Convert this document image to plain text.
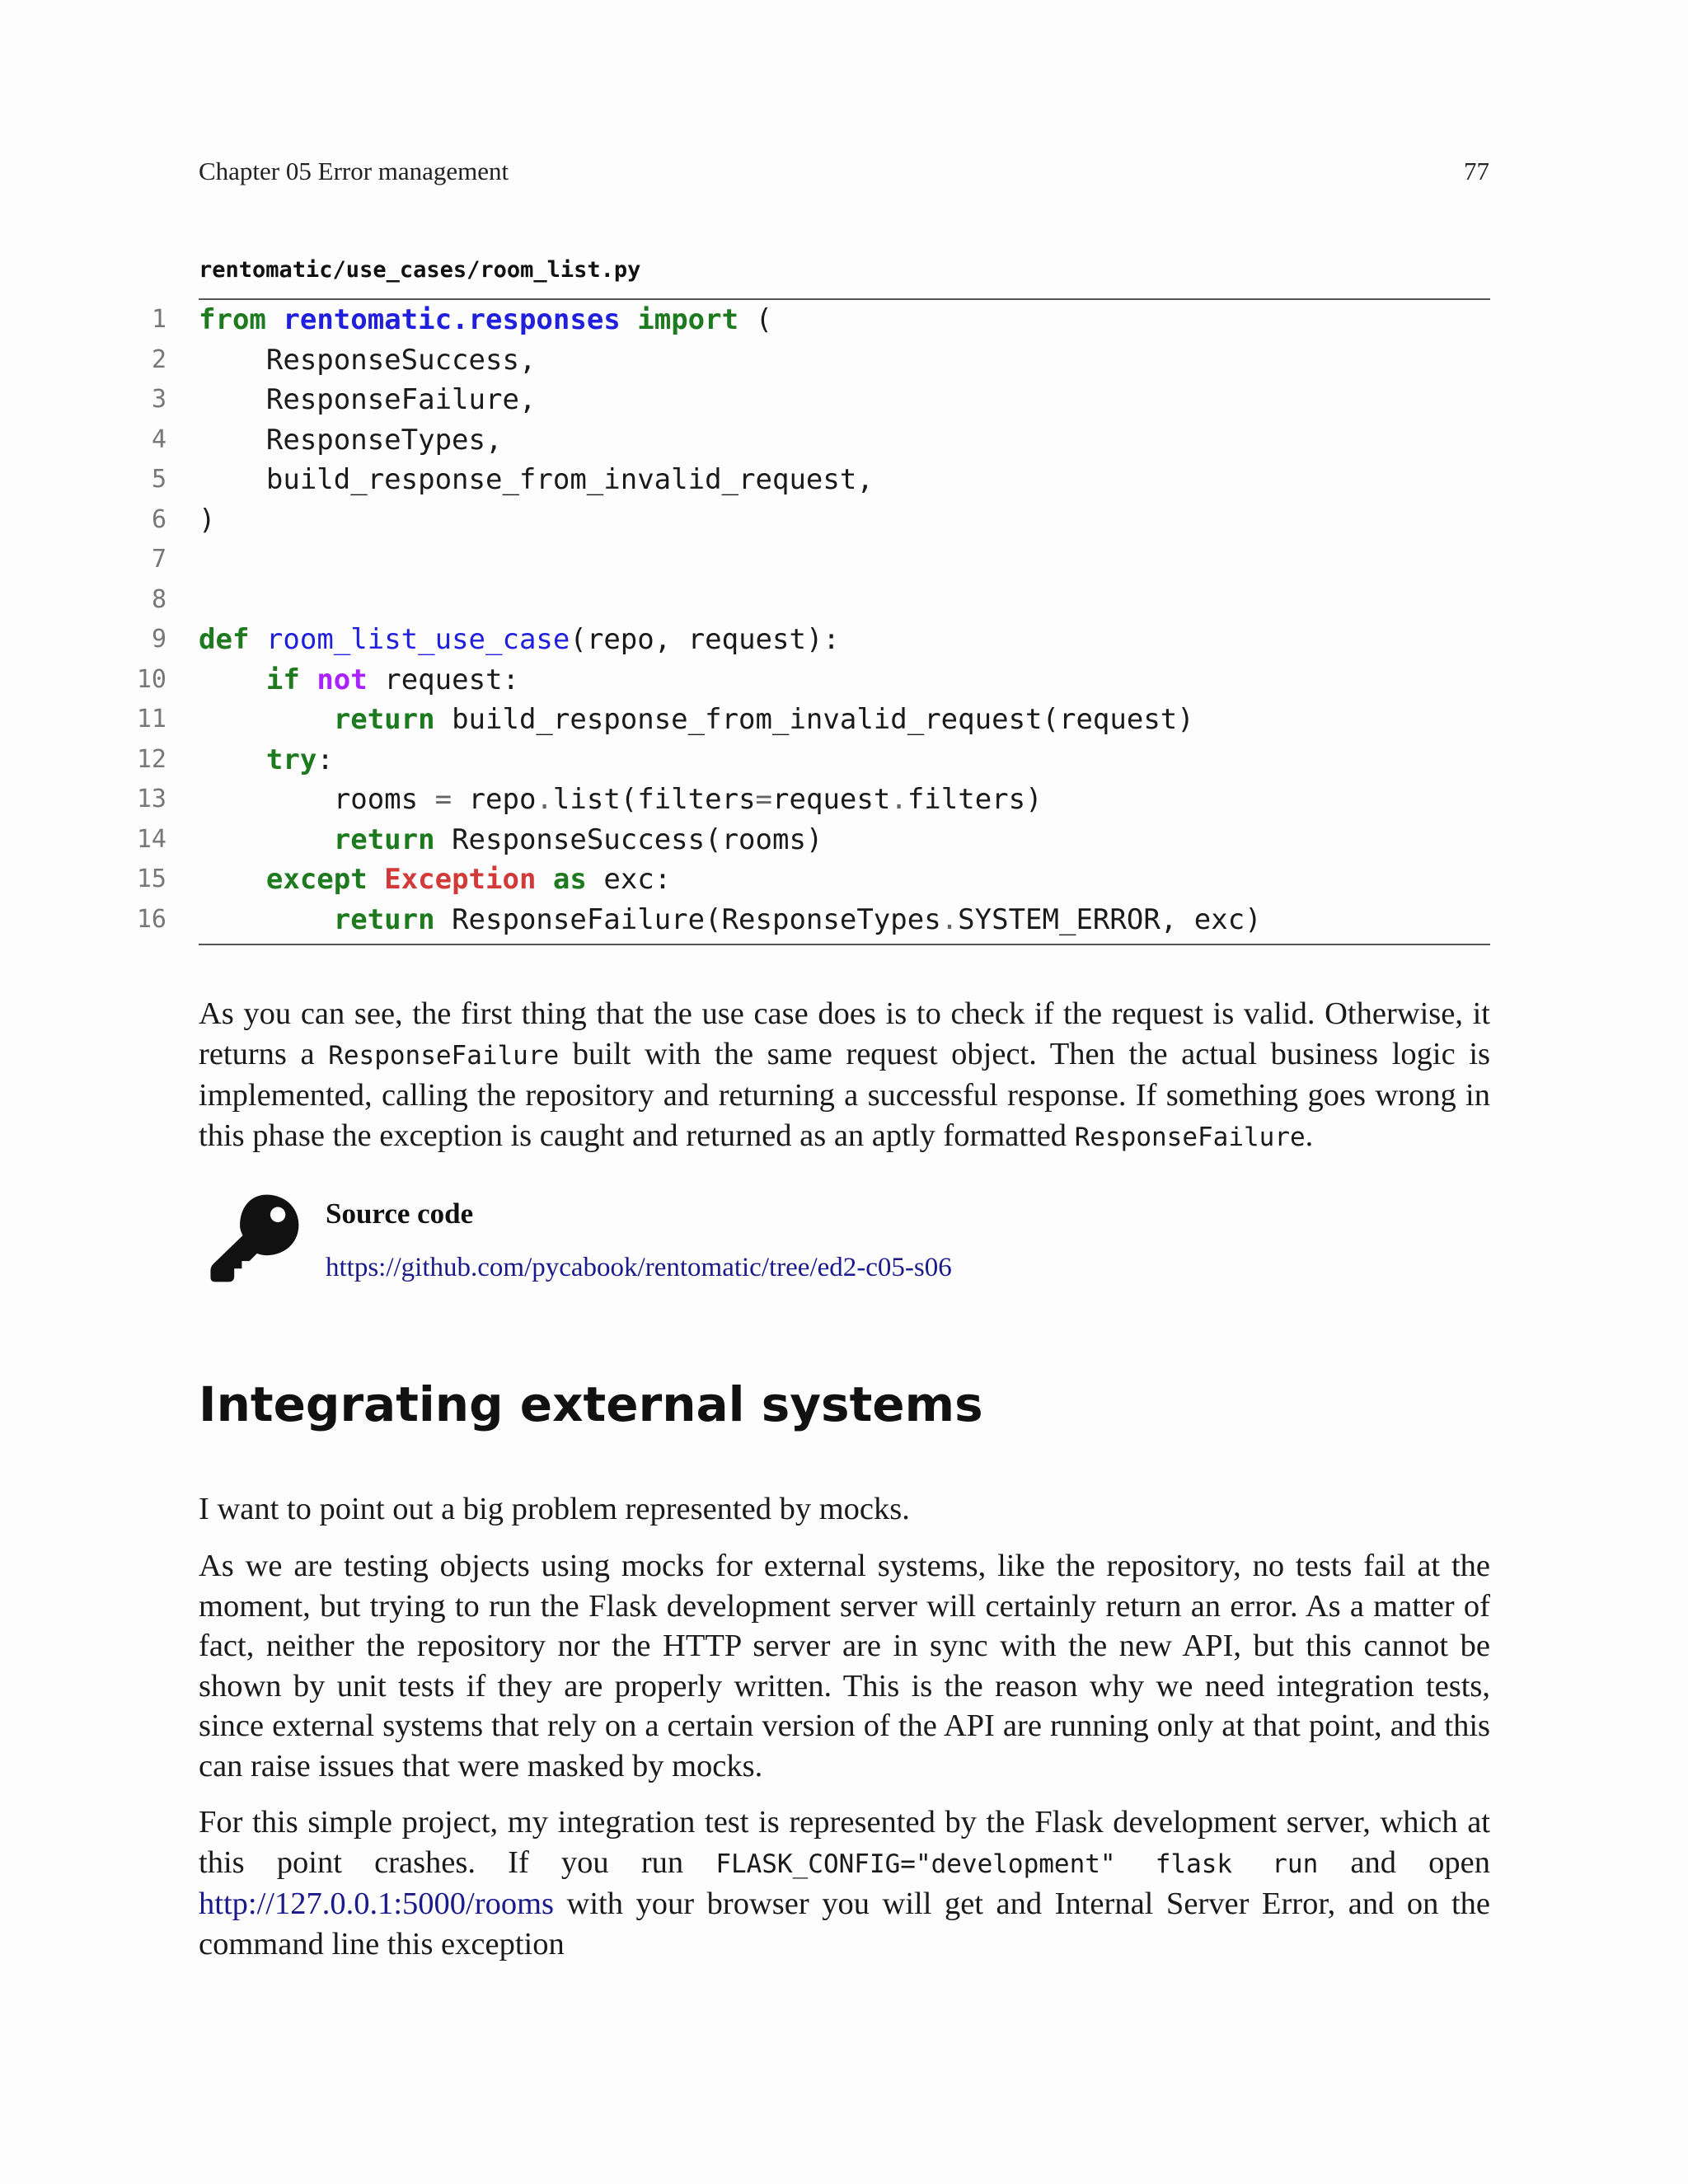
Chapter 05 Error management	77
rentomatic/use_cases/room_list.py
1 from rentomatic.responses import (
2 ResponseSuccess,
3 ResponseFailure,
4 ResponseTypes,
5 build_response_from_invalid_request,
6 )
7
8
9 def room_list_use_case(repo, request):
10	if not request:
11	return build_response_from_invalid_request(request)
12	try:
13 rooms = repo.list(filters=request.filters)
14	return ResponseSuccess(rooms)
15	except Exception as exc:
16	return ResponseFailure(ResponseTypes.SYSTEM_ERROR, exc)
As you can see, the first thing that the use case does is to check if the request is valid. Otherwise, it returns a ResponseFailure built with the same request object. Then the actual business logic is implemented, calling the repository and returning a successful response. If something goes wrong in this phase the exception is caught and returned as an aptly formatted ResponseFailure.
Source code
https://github.com/pycabook/rentomatic/tree/ed2-c05-s06
Integrating external systems
I want to point out a big problem represented by mocks.
As we are testing objects using mocks for external systems, like the repository, no tests fail at the moment, but trying to run the Flask development server will certainly return an error. As a matter of fact, neither the repository nor the HTTP server are in sync with the new API, but this cannot be shown by unit tests if they are properly written. This is the reason why we need integration tests, since external systems that rely on a certain version of the API are running only at that point, and this can raise issues that were masked by mocks.
For this simple project, my integration test is represented by the Flask development server, which at this point crashes. If you run FLASK_CONFIG="development" flask run and open http://127.0.0.1:5000/rooms with your browser you will get and Internal Server Error, and on the command line this exception
